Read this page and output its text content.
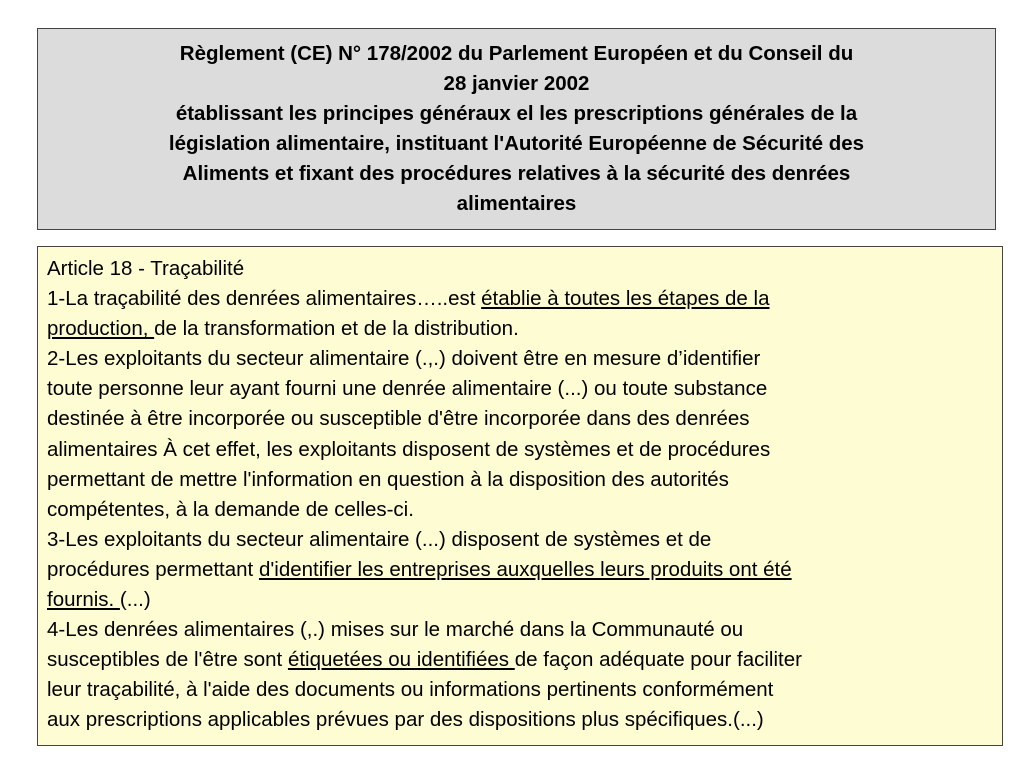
Règlement (CE) N° 178/2002 du Parlement Européen et du Conseil du
28 janvier 2002
établissant les principes généraux el les prescriptions générales de la
législation alimentaire, instituant l'Autorité Européenne de Sécurité des
Aliments et fixant des procédures relatives à la sécurité des denrées
alimentaires
Article 18 - Traçabilité
1-La traçabilité des denrées alimentaires…..est établie à toutes les étapes de la
production, de la transformation et de la distribution.
2-Les exploitants du secteur alimentaire (.,.) doivent être en mesure d’identifier
toute personne leur ayant fourni une denrée alimentaire (...) ou toute substance
destinée à être incorporée ou susceptible d'être incorporée dans des denrées
alimentaires À cet effet, les exploitants disposent de systèmes et de procédures
permettant de mettre l'information en question à la disposition des autorités
compétentes, à la demande de celles-ci.
3-Les exploitants du secteur alimentaire (...) disposent de systèmes et de
procédures permettant d'identifier les entreprises auxquelles leurs produits ont été
fournis. (...)
4-Les denrées alimentaires (,.) mises sur le marché dans la Communauté ou
susceptibles de l'être sont étiquetées ou identifiées de façon adéquate pour faciliter
leur traçabilité, à l'aide des documents ou informations pertinents conformément
aux prescriptions applicables prévues par des dispositions plus spécifiques.(...)
